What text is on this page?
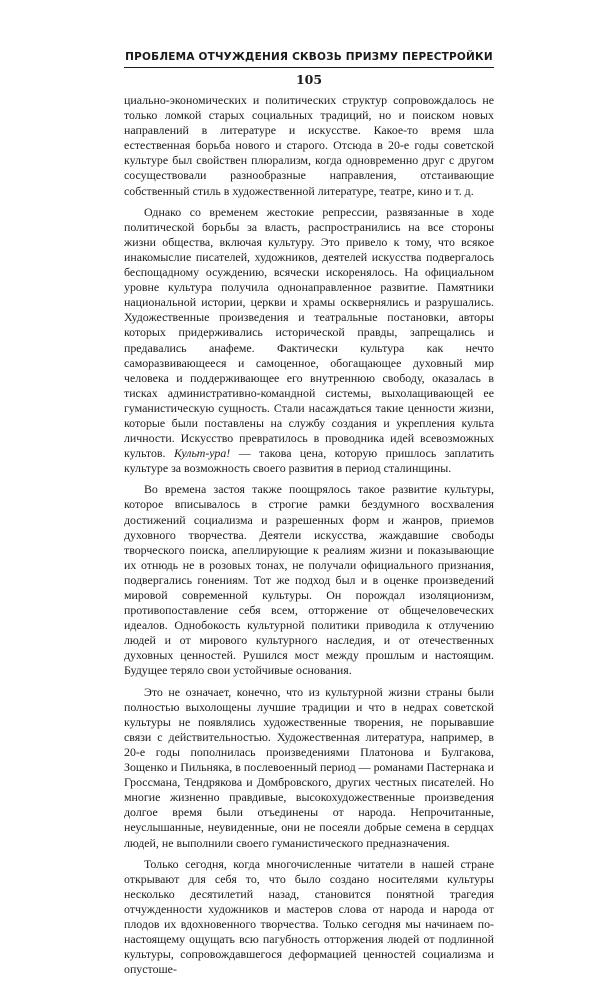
ПРОБЛЕМА ОТЧУЖДЕНИЯ СКВОЗЬ ПРИЗМУ ПЕРЕСТРОЙКИ
105

циально-экономических и политических структур сопровождалось не только ломкой старых социальных традиций, но и поиском новых направлений в литературе и искусстве. Какое-то время шла естественная борьба нового и старого. Отсюда в 20-е годы советской культуре был свойствен плюрализм, когда одновременно друг с другом сосуществовали разнообразные направления, отстаивающие собственный стиль в художественной литературе, театре, кино и т. д.

Однако со временем жестокие репрессии, развязанные в ходе политической борьбы за власть, распространились на все стороны жизни общества, включая культуру. Это привело к тому, что всякое инакомыслие писателей, художников, деятелей искусства подвергалось беспощадному осуждению, всячески искоренялось. На официальном уровне культура получила однонаправленное развитие. Памятники национальной истории, церкви и храмы осквернялись и разрушались. Художественные произведения и театральные постановки, авторы которых придерживались исторической правды, запрещались и предавались анафеме. Фактически культура как нечто саморазвивающееся и самоценное, обогащающее духовный мир человека и поддерживающее его внутреннюю свободу, оказалась в тисках административно-командной системы, выхолащивающей ее гуманистическую сущность. Стали насаждаться такие ценности жизни, которые были поставлены на службу создания и укрепления культа личности. Искусство превратилось в проводника идей всевозможных культов. Культ-ура! — такова цена, которую пришлось заплатить культуре за возможность своего развития в период сталинщины.

Во времена застоя также поощрялось такое развитие культуры, которое вписывалось в строгие рамки бездумного восхваления достижений социализма и разрешенных форм и жанров, приемов духовного творчества. Деятели искусства, жаждавшие свободы творческого поиска, апеллирующие к реалиям жизни и показывающие их отнюдь не в розовых тонах, не получали официального признания, подвергались гонениям. Тот же подход был и в оценке произведений мировой современной культуры. Он порождал изоляционизм, противопоставление себя всем, отторжение от общечеловеческих идеалов. Однобокость культурной политики приводила к отлучению людей и от мирового культурного наследия, и от отечественных духовных ценностей. Рушился мост между прошлым и настоящим. Будущее теряло свои устойчивые основания.

Это не означает, конечно, что из культурной жизни страны были полностью выхолощены лучшие традиции и что в недрах советской культуры не появлялись художественные творения, не порывавшие связи с действительностью. Художественная литература, например, в 20-е годы пополнилась произведениями Платонова и Булгакова, Зощенко и Пильняка, в послевоенный период — романами Пастернака и Гроссмана, Тендрякова и Домбровского, других честных писателей. Но многие жизненно правдивые, высокохудожественные произведения долгое время были отъединены от народа. Непрочитанные, неуслышанные, неувиденные, они не посеяли добрые семена в сердцах людей, не выполнили своего гуманистического предназначения.

Только сегодня, когда многочисленные читатели в нашей стране открывают для себя то, что было создано носителями культуры несколько десятилетий назад, становится понятной трагедия отчужденности художников и мастеров слова от народа и народа от плодов их вдохновенного творчества. Только сегодня мы начинаем по-настоящему ощущать всю пагубность отторжения людей от подлинной культуры, сопровождавшегося деформацией ценностей социализма и опустоше-
